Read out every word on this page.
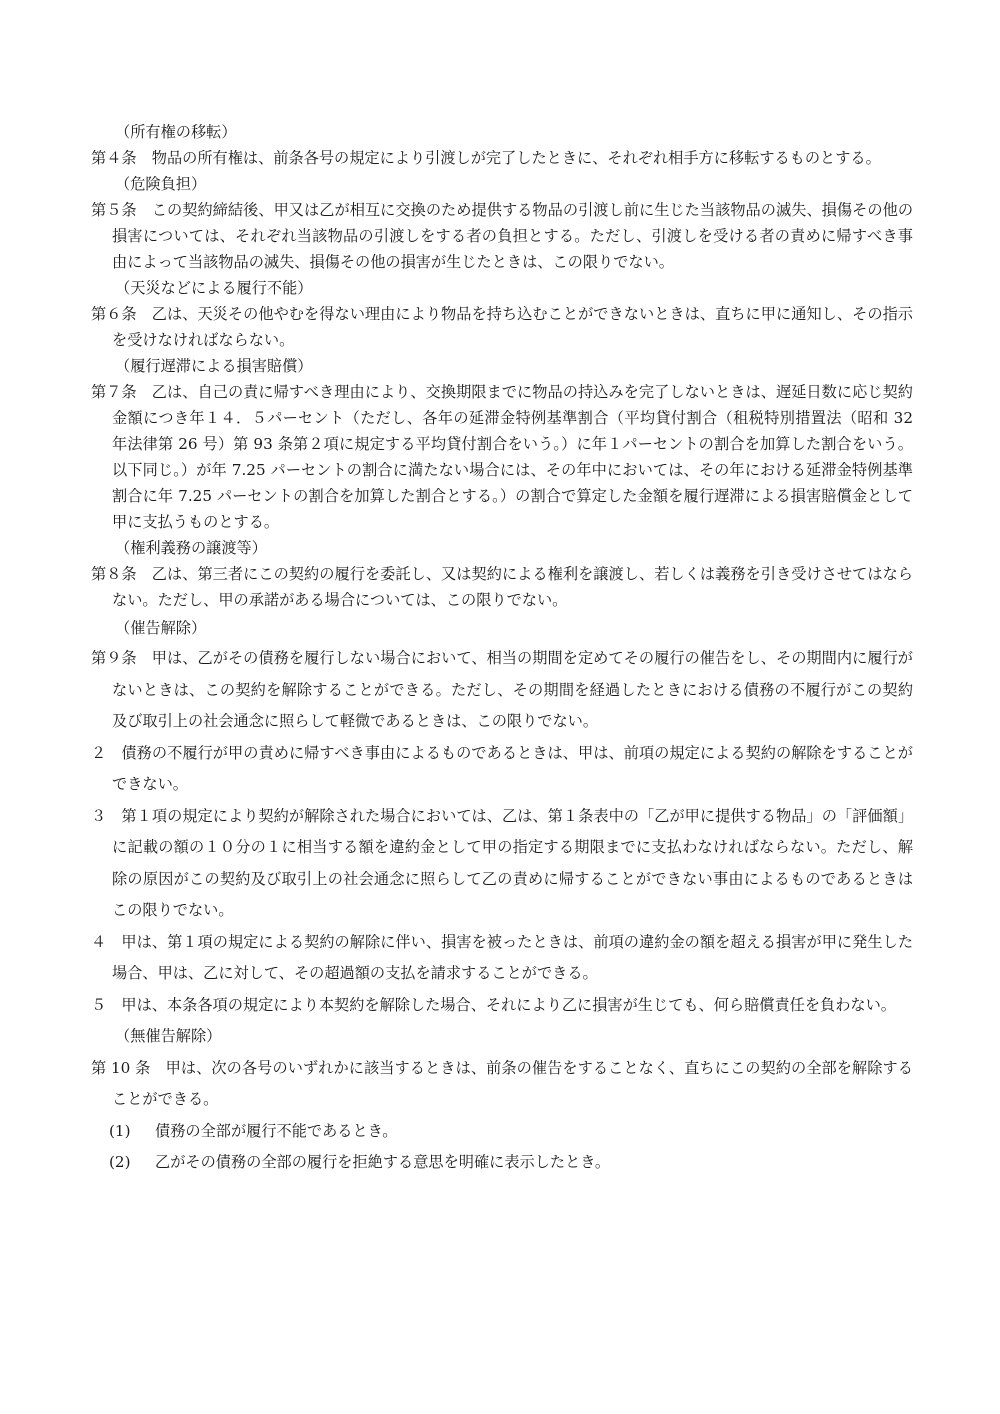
（所有権の移転）

第４条　物品の所有権は、前条各号の規定により引渡しが完了したときに、それぞれ相手方に移転するものとする。

（危険負担）

第５条　この契約締結後、甲又は乙が相互に交換のため提供する物品の引渡し前に生じた当該物品の滅失、損傷その他の損害については、それぞれ当該物品の引渡しをする者の負担とする。ただし、引渡しを受ける者の責めに帰すべき事由によって当該物品の滅失、損傷その他の損害が生じたときは、この限りでない。

（天災などによる履行不能）

第６条　乙は、天災その他やむを得ない理由により物品を持ち込むことができないときは、直ちに甲に通知し、その指示を受けなければならない。

（履行遅滞による損害賠償）

第７条　乙は、自己の責に帰すべき理由により、交換期限までに物品の持込みを完了しないときは、遅延日数に応じ契約金額につき年１４．５パーセント（ただし、各年の延滞金特例基準割合（平均貸付割合（租税特別措置法（昭和 32 年法律第 26 号）第 93 条第２項に規定する平均貸付割合をいう。）に年１パーセントの割合を加算した割合をいう。以下同じ。）が年 7.25 パーセントの割合に満たない場合には、その年中においては、その年における延滞金特例基準割合に年 7.25 パーセントの割合を加算した割合とする。）の割合で算定した金額を履行遅滞による損害賠償金として甲に支払うものとする。

（権利義務の譲渡等）

第８条　乙は、第三者にこの契約の履行を委託し、又は契約による権利を譲渡し、若しくは義務を引き受けさせてはならない。ただし、甲の承諾がある場合については、この限りでない。

（催告解除）

第９条　甲は、乙がその債務を履行しない場合において、相当の期間を定めてその履行の催告をし、その期間内に履行がないときは、この契約を解除することができる。ただし、その期間を経過したときにおける債務の不履行がこの契約及び取引上の社会通念に照らして軽微であるときは、この限りでない。

２　債務の不履行が甲の責めに帰すべき事由によるものであるときは、甲は、前項の規定による契約の解除をすることができない。

３　第１項の規定により契約が解除された場合においては、乙は、第１条表中の「乙が甲に提供する物品」の「評価額」に記載の額の１０分の１に相当する額を違約金として甲の指定する期限までに支払わなければならない。ただし、解除の原因がこの契約及び取引上の社会通念に照らして乙の責めに帰することができない事由によるものであるときはこの限りでない。

４　甲は、第１項の規定による契約の解除に伴い、損害を被ったときは、前項の違約金の額を超える損害が甲に発生した場合、甲は、乙に対して、その超過額の支払を請求することができる。

５　甲は、本条各項の規定により本契約を解除した場合、それにより乙に損害が生じても、何ら賠償責任を負わない。

（無催告解除）

第 10 条　甲は、次の各号のいずれかに該当するときは、前条の催告をすることなく、直ちにこの契約の全部を解除することができる。

(1) 債務の全部が履行不能であるとき。

(2) 乙がその債務の全部の履行を拒絶する意思を明確に表示したとき。
